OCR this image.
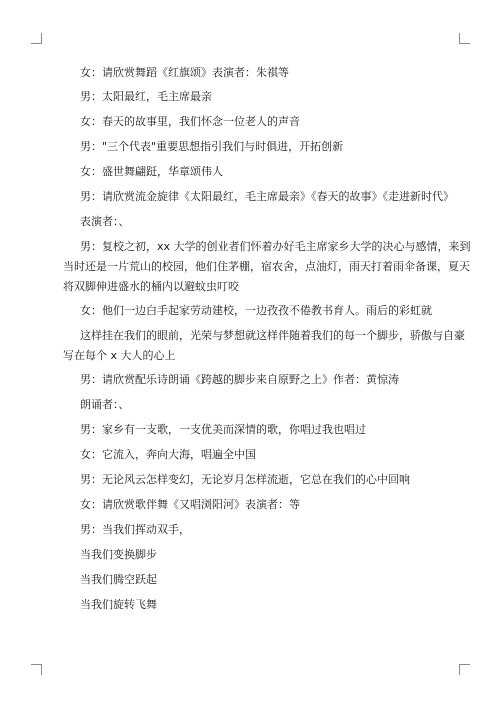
女：请欣赏舞蹈《红旗颂》表演者：朱祺等
男：太阳最红，毛主席最亲
女：春天的故事里，我们怀念一位老人的声音
男："三个代表"重要思想指引我们与时俱进，开拓创新
女：盛世舞翩跹，华章颂伟人
男：请欣赏流金旋律《太阳最红，毛主席最亲》《春天的故事》《走进新时代》
表演者：、
男：复校之初，xx 大学的创业者们怀着办好毛主席家乡大学的决心与感情，来到
当时还是一片荒山的校园，他们住茅棚，宿农舍，点油灯，雨天打着雨伞备课，夏天
将双脚伸进盛水的桶内以避蚊虫叮咬
女：他们一边白手起家劳动建校，一边孜孜不倦教书育人。雨后的彩虹就
这样挂在我们的眼前，光荣与梦想就这样伴随着我们的每一个脚步，骄傲与自豪
写在每个 x 大人的心上
男：请欣赏配乐诗朗诵《跨越的脚步来自原野之上》作者：黄惊涛
朗诵者：、
男：家乡有一支歌，一支优美而深情的歌，你唱过我也唱过
女：它流入，奔向大海，唱遍全中国
男：无论风云怎样变幻，无论岁月怎样流逝，它总在我们的心中回响
女：请欣赏歌伴舞《又唱浏阳河》表演者：等
男：当我们挥动双手，
当我们变换脚步
当我们腾空跃起
当我们旋转飞舞
